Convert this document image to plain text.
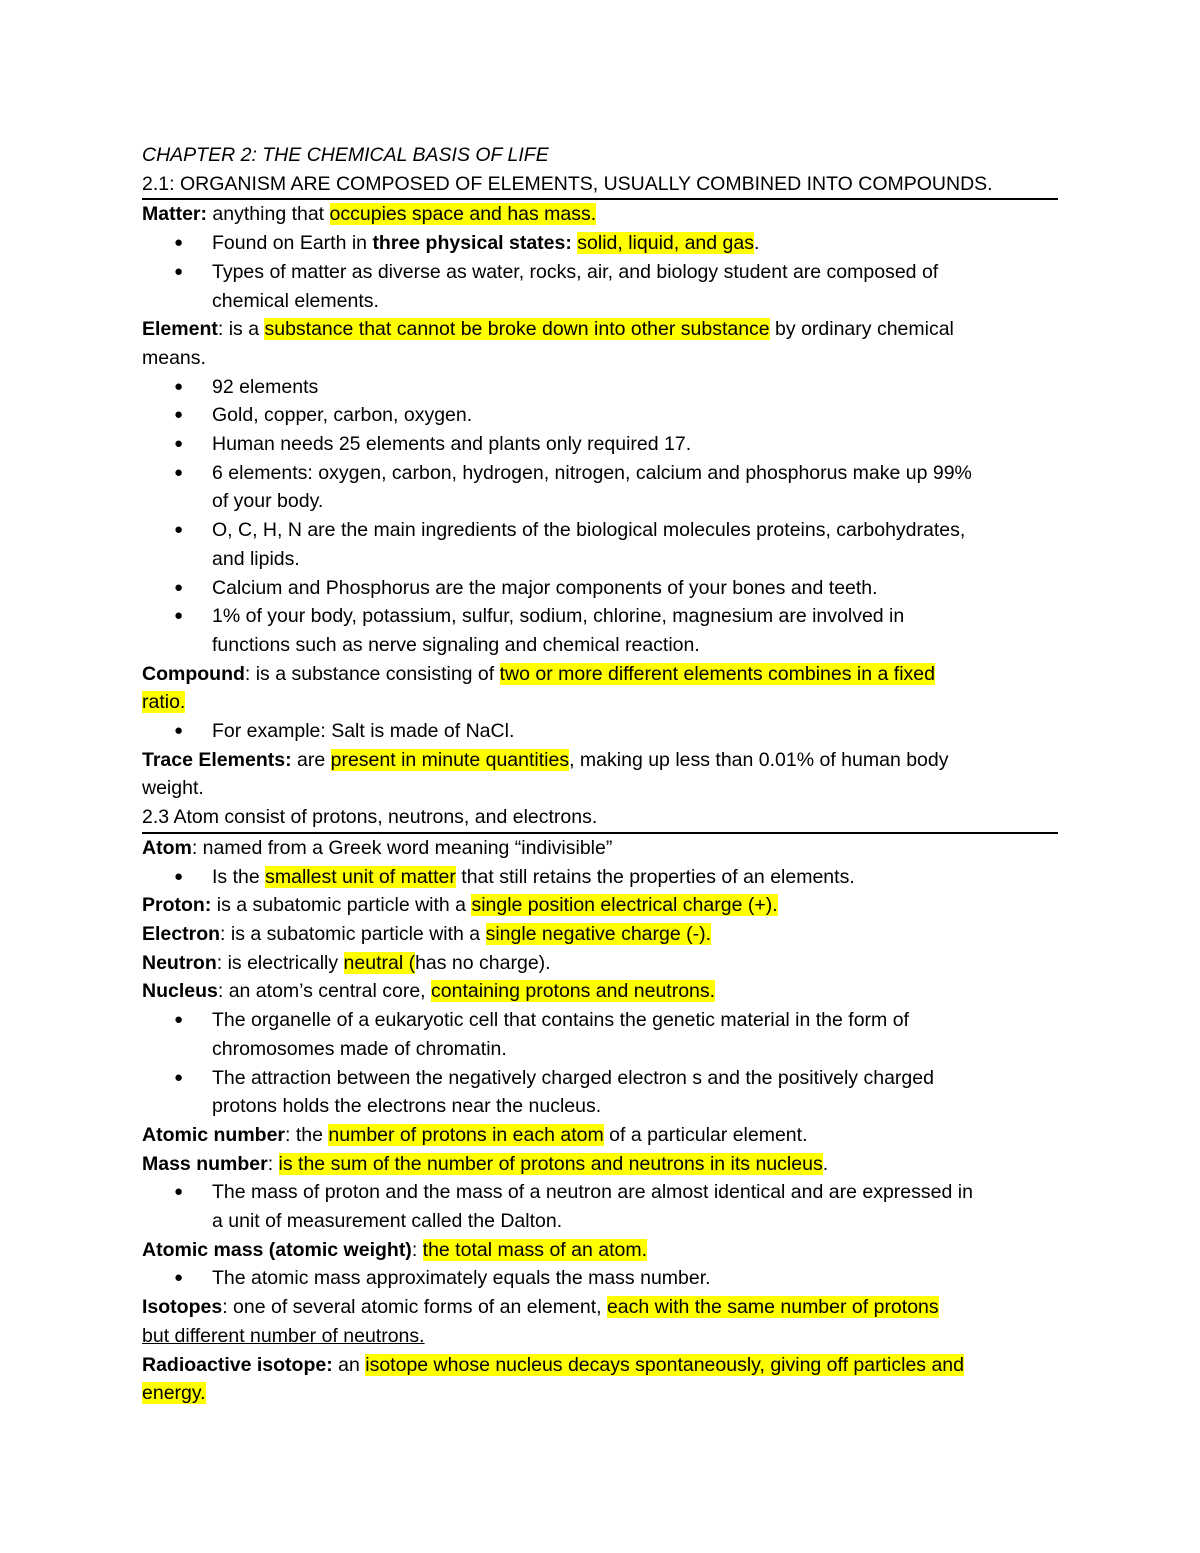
CHAPTER 2: THE CHEMICAL BASIS OF LIFE
2.1: ORGANISM ARE COMPOSED OF ELEMENTS, USUALLY COMBINED INTO COMPOUNDS.
Matter: anything that occupies space and has mass.
● Found on Earth in three physical states: solid, liquid, and gas.
● Types of matter as diverse as water, rocks, air, and biology student are composed of
chemical elements.
Element: is a substance that cannot be broke down into other substance by ordinary chemical
means.
● 92 elements
● Gold, copper, carbon, oxygen.
● Human needs 25 elements and plants only required 17.
● 6 elements: oxygen, carbon, hydrogen, nitrogen, calcium and phosphorus make up 99%
of your body.
● O, C, H, N are the main ingredients of the biological molecules proteins, carbohydrates,
and lipids.
● Calcium and Phosphorus are the major components of your bones and teeth.
● 1% of your body, potassium, sulfur, sodium, chlorine, magnesium are involved in
functions such as nerve signaling and chemical reaction.
Compound: is a substance consisting of two or more different elements combines in a fixed
ratio.
● For example: Salt is made of NaCl.
Trace Elements: are present in minute quantities, making up less than 0.01% of human body
weight.
2.3 Atom consist of protons, neutrons, and electrons.
Atom: named from a Greek word meaning “indivisible”
● Is the smallest unit of matter that still retains the properties of an elements.
Proton: is a subatomic particle with a single position electrical charge (+).
Electron: is a subatomic particle with a single negative charge (-).
Neutron: is electrically neutral (has no charge).
Nucleus: an atom’s central core, containing protons and neutrons.
● The organelle of a eukaryotic cell that contains the genetic material in the form of
chromosomes made of chromatin.
● The attraction between the negatively charged electron s and the positively charged
protons holds the electrons near the nucleus.
Atomic number: the number of protons in each atom of a particular element.
Mass number: is the sum of the number of protons and neutrons in its nucleus.
● The mass of proton and the mass of a neutron are almost identical and are expressed in
a unit of measurement called the Dalton.
Atomic mass (atomic weight): the total mass of an atom.
● The atomic mass approximately equals the mass number.
Isotopes: one of several atomic forms of an element, each with the same number of protons
but different number of neutrons.
Radioactive isotope: an isotope whose nucleus decays spontaneously, giving off particles and
energy.
